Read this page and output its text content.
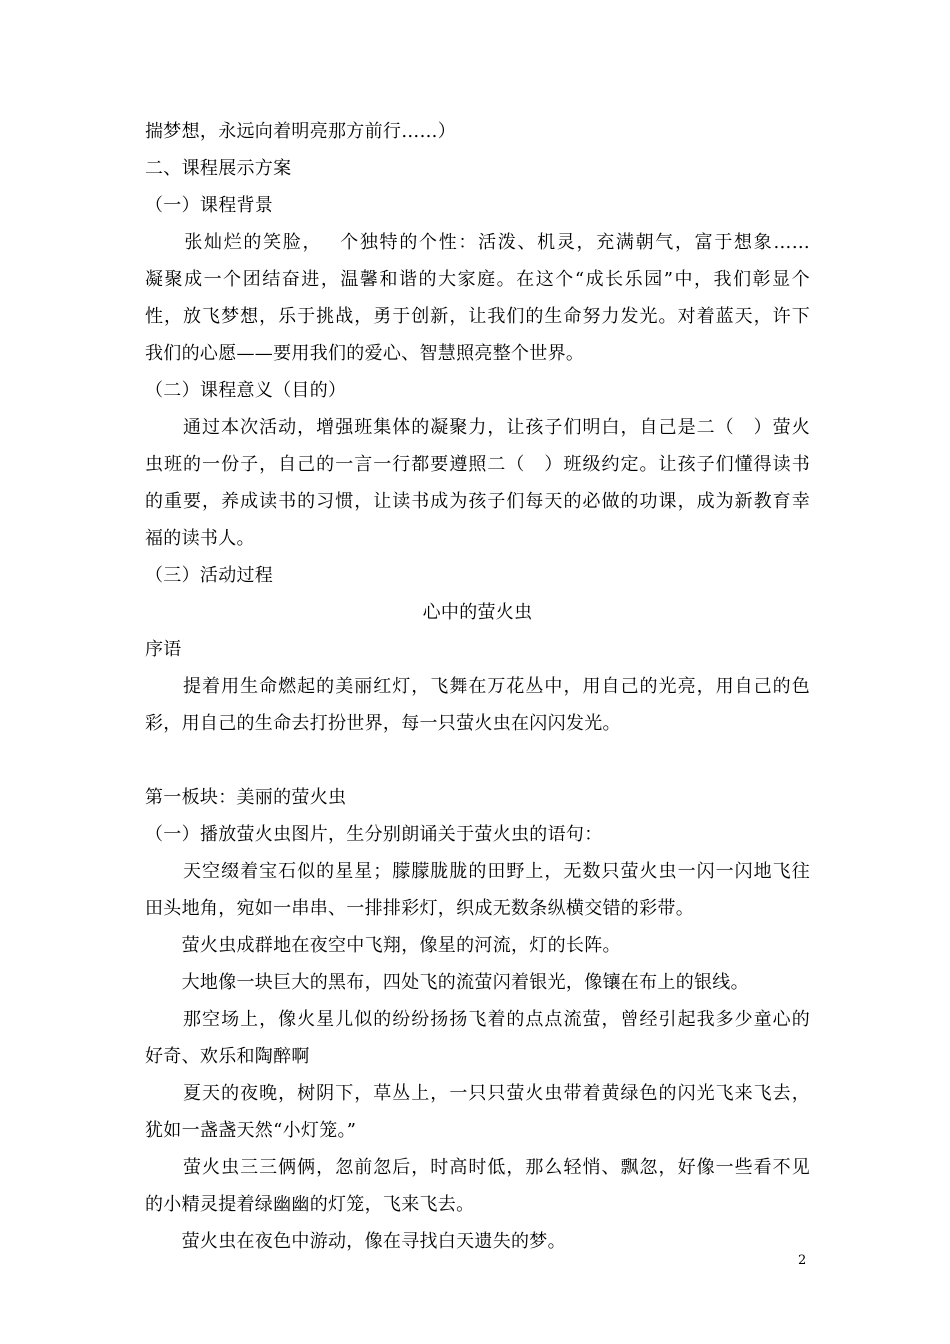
揣梦想，永远向着明亮那方前行……）
二、课程展示方案
（一）课程背景
　　张灿烂的笑脸，　 个独特的个性：活泼、机灵，充满朝气，富于想象……
凝聚成一个团结奋进，温馨和谐的大家庭。在这个“成长乐园”中，我们彰显个
性，放飞梦想，乐于挑战，勇于创新，让我们的生命努力发光。对着蓝天，许下
我们的心愿——要用我们的爱心、智慧照亮整个世界。
（二）课程意义（目的）
　　通过本次活动，增强班集体的凝聚力，让孩子们明白，自己是二（　）萤火
虫班的一份子，自己的一言一行都要遵照二（　）班级约定。让孩子们懂得读书
的重要，养成读书的习惯，让读书成为孩子们每天的必做的功课，成为新教育幸
福的读书人。
（三）活动过程
心中的萤火虫
序语
　　提着用生命燃起的美丽红灯，飞舞在万花丛中，用自己的光亮，用自己的色
彩，用自己的生命去打扮世界，每一只萤火虫在闪闪发光。
第一板块：美丽的萤火虫
（一）播放萤火虫图片，生分别朗诵关于萤火虫的语句：
　　天空缀着宝石似的星星；朦朦胧胧的田野上，无数只萤火虫一闪一闪地飞往
田头地角，宛如一串串、一排排彩灯，织成无数条纵横交错的彩带。
　　萤火虫成群地在夜空中飞翔，像星的河流，灯的长阵。
　　大地像一块巨大的黑布，四处飞的流萤闪着银光，像镶在布上的银线。
　　那空场上，像火星儿似的纷纷扬扬飞着的点点流萤，曾经引起我多少童心的
好奇、欢乐和陶醉啊
　　夏天的夜晚，树阴下，草丛上，一只只萤火虫带着黄绿色的闪光飞来飞去，
犹如一盏盏天然“小灯笼。”
　　萤火虫三三俩俩，忽前忽后，时高时低，那么轻悄、飘忽，好像一些看不见
的小精灵提着绿幽幽的灯笼，飞来飞去。
　　萤火虫在夜色中游动，像在寻找白天遗失的梦。
2
